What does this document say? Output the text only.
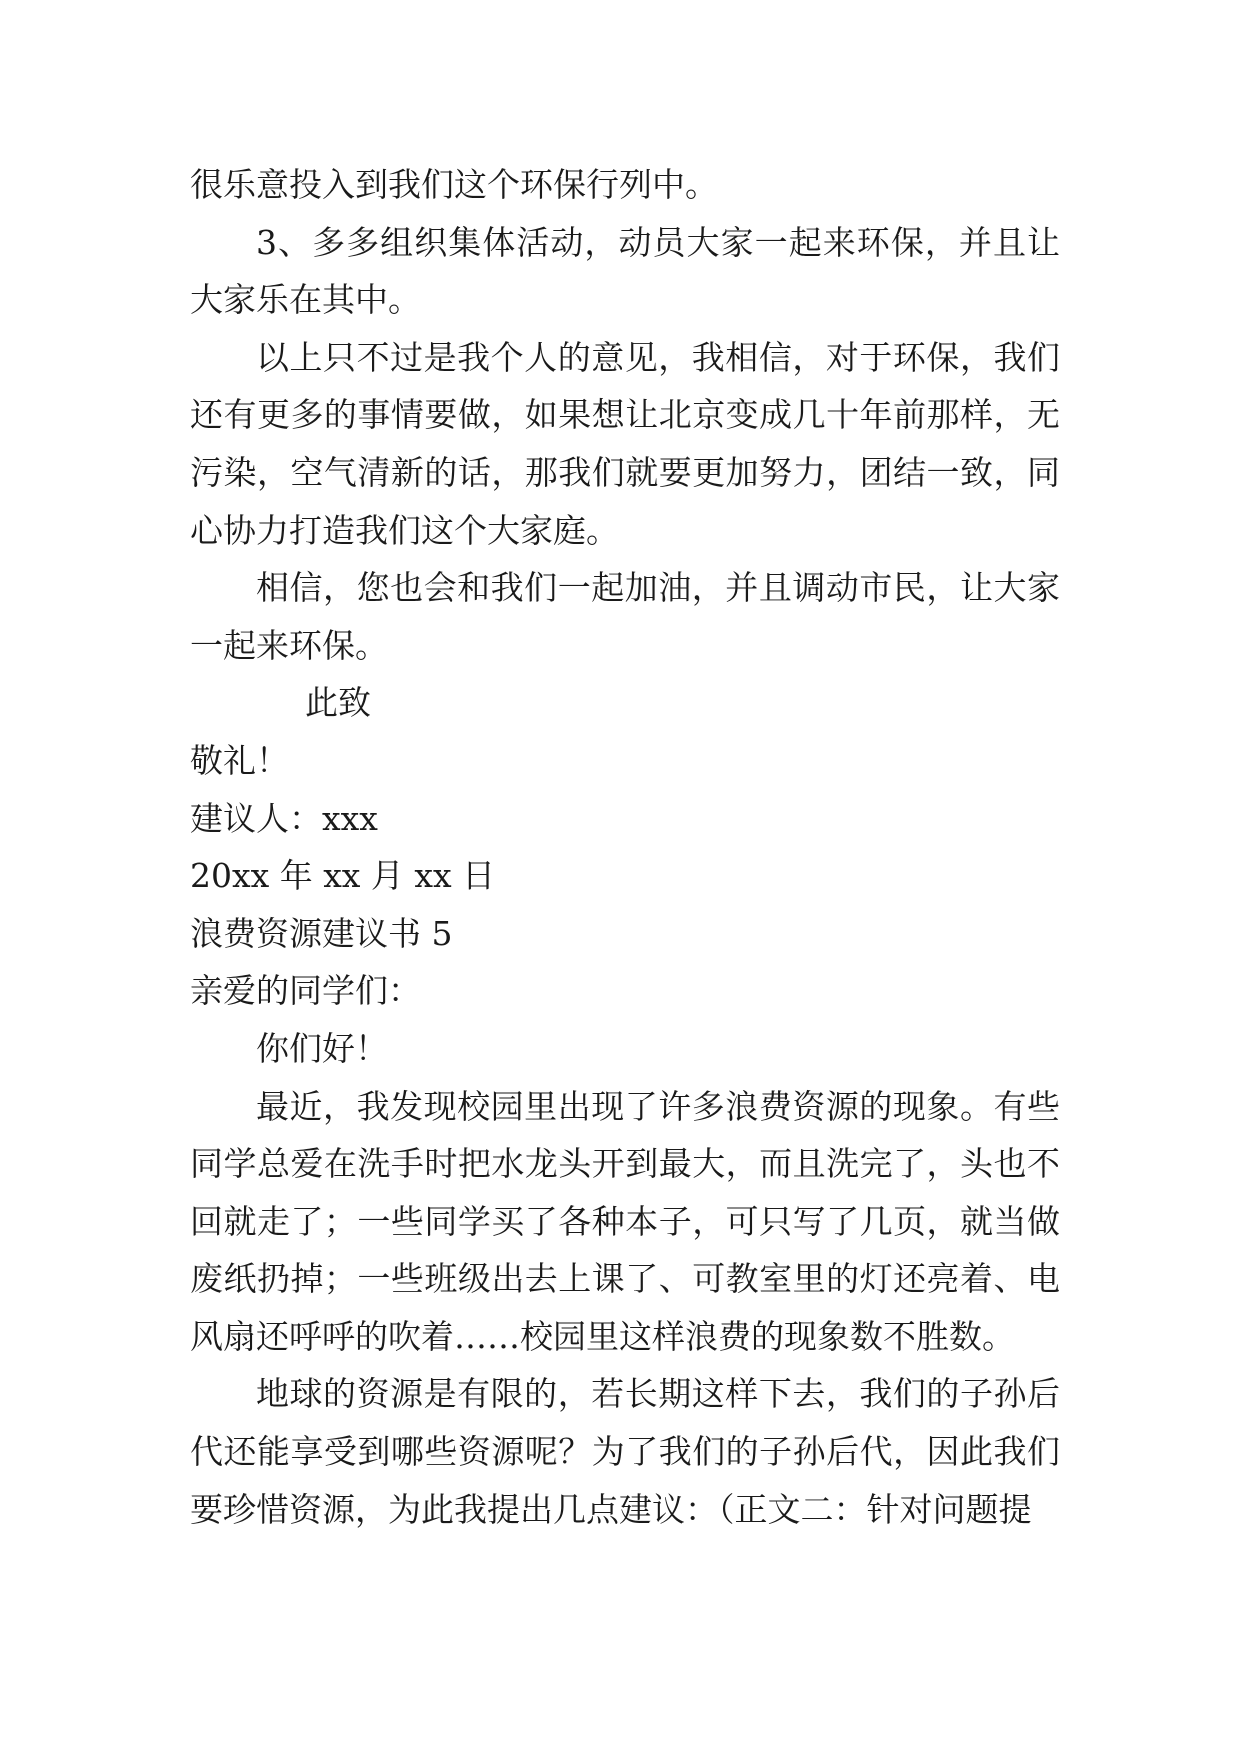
很乐意投入到我们这个环保行列中。

3、多多组织集体活动，动员大家一起来环保，并且让大家乐在其中。

以上只不过是我个人的意见，我相信，对于环保，我们还有更多的事情要做，如果想让北京变成几十年前那样，无污染，空气清新的话，那我们就要更加努力，团结一致，同心协力打造我们这个大家庭。

相信，您也会和我们一起加油，并且调动市民，让大家一起来环保。

此致

敬礼！

建议人：xxx

20xx 年 xx 月 xx 日

浪费资源建议书 5

亲爱的同学们：

你们好！

最近，我发现校园里出现了许多浪费资源的现象。有些同学总爱在洗手时把水龙头开到最大，而且洗完了，头也不回就走了；一些同学买了各种本子，可只写了几页，就当做废纸扔掉；一些班级出去上课了、可教室里的灯还亮着、电风扇还呼呼的吹着……校园里这样浪费的现象数不胜数。

地球的资源是有限的，若长期这样下去，我们的子孙后代还能享受到哪些资源呢？为了我们的子孙后代，因此我们要珍惜资源，为此我提出几点建议：（正文二：针对问题提
